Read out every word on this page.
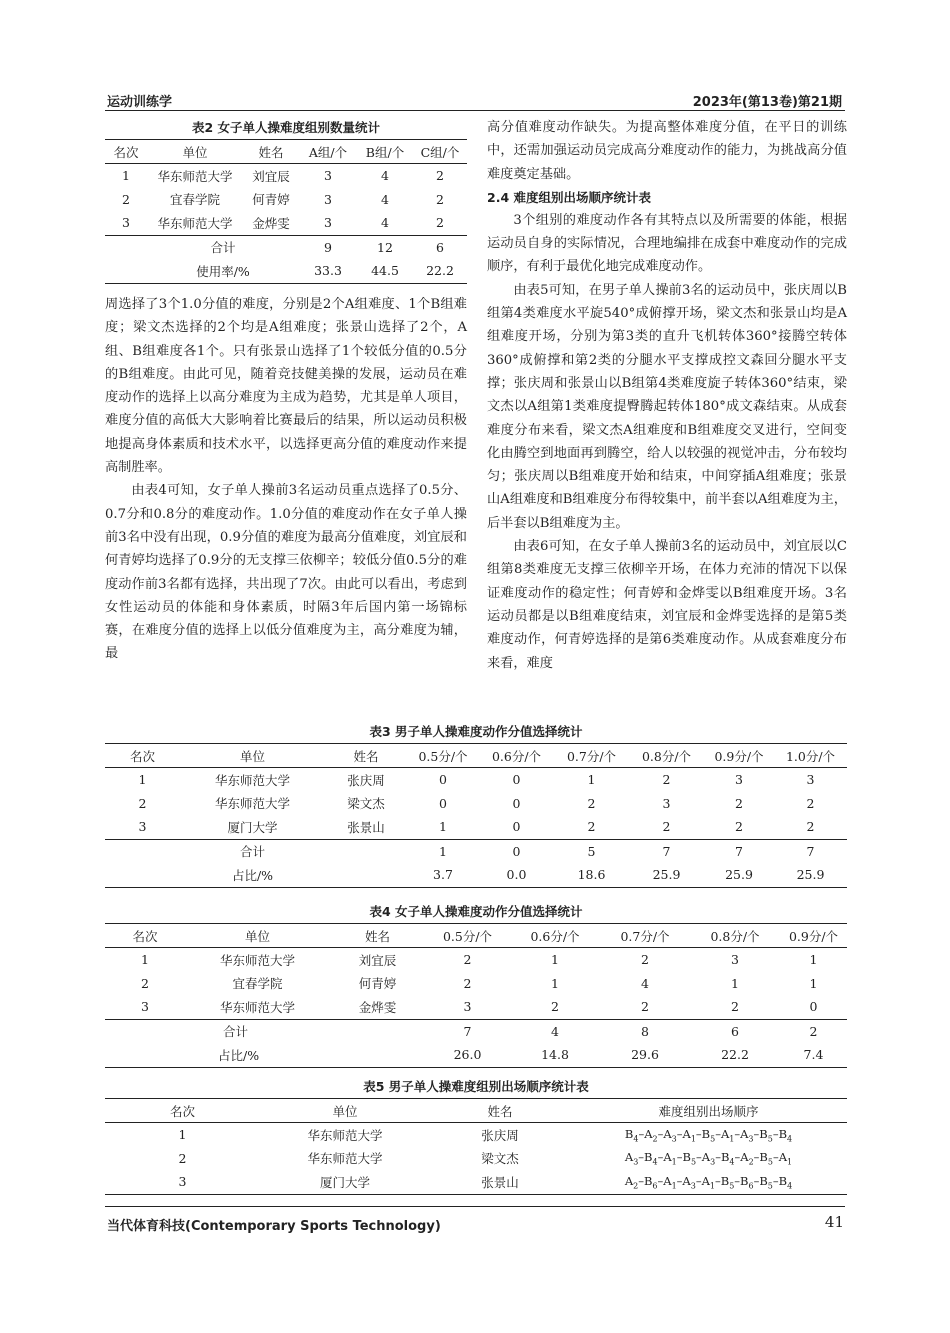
运动训练学	2023年(第13卷)第21期
表2 女子单人操难度组别数量统计
名次	单位	姓名	A组/个	B组/个	C组/个
1	华东师范大学	刘宜辰	3	4	2
2	宜春学院	何青婷	3	4	2
3	华东师范大学	金烨雯	3	4	2
	合计		9	12	6
	使用率/%		33.3	44.5	22.2

周选择了3个1.0分值的难度，分别是2个A组难度、1个B组难度；梁文杰选择的2个均是A组难度；张景山选择了2个，A组、B组难度各1个。只有张景山选择了1个较低分值的0.5分的B组难度。由此可见，随着竞技健美操的发展，运动员在难度动作的选择上以高分难度为主成为趋势，尤其是单人项目，难度分值的高低大大影响着比赛最后的结果，所以运动员积极地提高身体素质和技术水平，以选择更高分值的难度动作来提高制胜率。

由表4可知，女子单人操前3名运动员重点选择了0.5分、0.7分和0.8分的难度动作。1.0分值的难度动作在女子单人操前3名中没有出现，0.9分值的难度为最高分值难度，刘宜辰和何青婷均选择了0.9分的无支撑三依柳辛；较低分值0.5分的难度动作前3名都有选择，共出现了7次。由此可以看出，考虑到女性运动员的体能和身体素质，时隔3年后国内第一场锦标赛，在难度分值的选择上以低分值难度为主，高分难度为辅，最

高分值难度动作缺失。为提高整体难度分值，在平日的训练中，还需加强运动员完成高分难度动作的能力，为挑战高分值难度奠定基础。

2.4 难度组别出场顺序统计表

3个组别的难度动作各有其特点以及所需要的体能，根据运动员自身的实际情况，合理地编排在成套中难度动作的完成顺序，有利于最优化地完成难度动作。

由表5可知，在男子单人操前3名的运动员中，张庆周以B组第4类难度水平旋540°成俯撑开场，梁文杰和张景山均是A组难度开场，分别为第3类的直升飞机转体360°接腾空转体360°成俯撑和第2类的分腿水平支撑成控文森回分腿水平支撑；张庆周和张景山以B组第4类难度旋子转体360°结束，梁文杰以A组第1类难度提臀腾起转体180°成文森结束。从成套难度分布来看，梁文杰A组难度和B组难度交叉进行，空间变化由腾空到地面再到腾空，给人以较强的视觉冲击，分布较均匀；张庆周以B组难度开始和结束，中间穿插A组难度；张景山A组难度和B组难度分布得较集中，前半套以A组难度为主，后半套以B组难度为主。

由表6可知，在女子单人操前3名的运动员中，刘宜辰以C组第8类难度无支撑三依柳辛开场，在体力充沛的情况下以保证难度动作的稳定性；何青婷和金烨雯以B组难度开场。3名运动员都是以B组难度结束，刘宜辰和金烨雯选择的是第5类难度动作，何青婷选择的是第6类难度动作。从成套难度分布来看，难度

表3 男子单人操难度动作分值选择统计
名次	单位	姓名	0.5分/个	0.6分/个	0.7分/个	0.8分/个	0.9分/个	1.0分/个
1	华东师范大学	张庆周	0	0	1	2	3	3
2	华东师范大学	梁文杰	0	0	2	3	2	2
3	厦门大学	张景山	1	0	2	2	2	2
	合计		1	0	5	7	7	7
	占比/%		3.7	0.0	18.6	25.9	25.9	25.9
表4 女子单人操难度动作分值选择统计
名次	单位	姓名	0.5分/个	0.6分/个	0.7分/个	0.8分/个	0.9分/个
1	华东师范大学	刘宜辰	2	1	2	3	1
2	宜春学院	何青婷	2	1	4	1	1
3	华东师范大学	金烨雯	3	2	2	2	0
	合计		7	4	8	6	2
	占比/%		26.0	14.8	29.6	22.2	7.4
表5 男子单人操难度组别出场顺序统计表
名次	单位	姓名	难度组别出场顺序
1	华东师范大学	张庆周	$B_4-A_2-A_3-A_1-B_5-A_1-A_3-B_5-B_4$
2	华东师范大学	梁文杰	$A_3-B_4-A_1-B_5-A_3-B_4-A_2-B_5-A_1$
3	厦门大学	张景山	$A_2-B_6-A_1-A_3-A_1-B_5-B_6-B_5-B_4$
当代体育科技(Contemporary Sports Technology)	41
